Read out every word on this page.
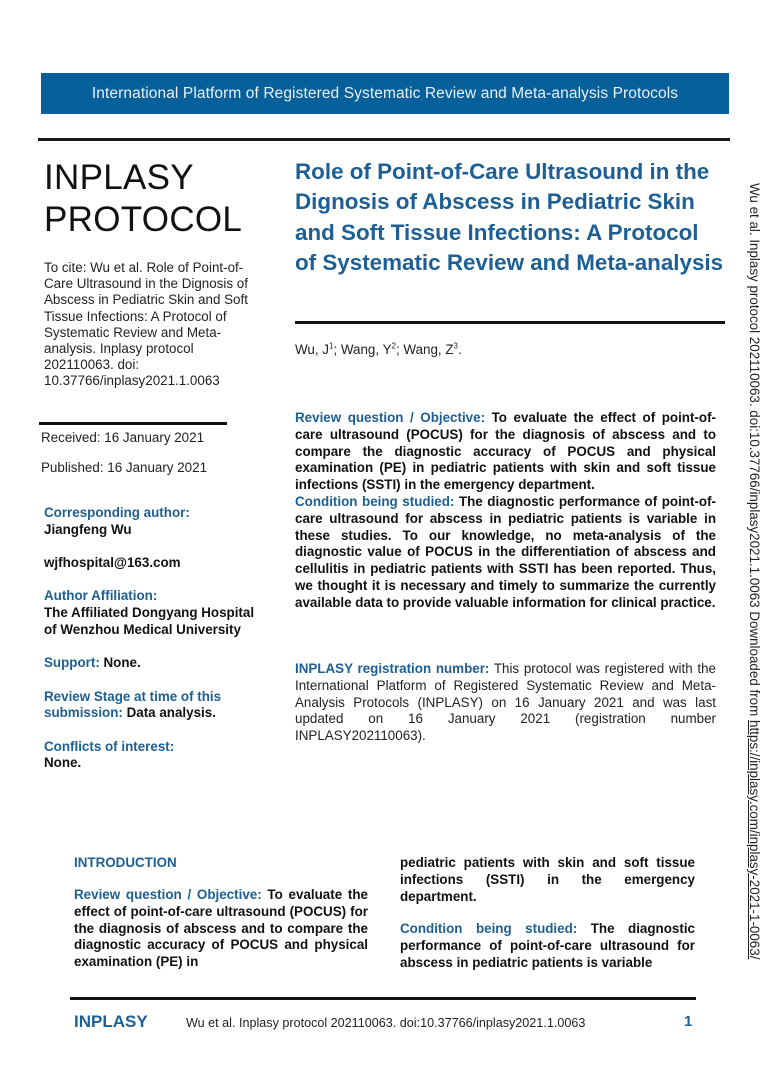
International Platform of Registered Systematic Review and Meta-analysis Protocols
INPLASY
PROTOCOL
To cite: Wu et al. Role of Point-of-Care Ultrasound in the Dignosis of Abscess in Pediatric Skin and Soft Tissue Infections: A Protocol of Systematic Review and Meta-analysis. Inplasy protocol 202110063. doi: 10.37766/inplasy2021.1.0063
Received: 16 January 2021
Published: 16 January 2021
Corresponding author:
Jiangfeng Wu
wjfhospital@163.com
Author Affiliation:
The Affiliated Dongyang Hospital of Wenzhou Medical University
Support: None.
Review Stage at time of this submission: Data analysis.
Conflicts of interest:
None.
Role of Point-of-Care Ultrasound in the Dignosis of Abscess in Pediatric Skin and Soft Tissue Infections: A Protocol of Systematic Review and Meta-analysis
Wu, $J^1$; Wang, $Y^2$; Wang, $Z^3$.
Review question / Objective: To evaluate the effect of point-of-care ultrasound (POCUS) for the diagnosis of abscess and to compare the diagnostic accuracy of POCUS and physical examination (PE) in pediatric patients with skin and soft tissue infections (SSTI) in the emergency department.
Condition being studied: The diagnostic performance of point-of-care ultrasound for abscess in pediatric patients is variable in these studies. To our knowledge, no meta-analysis of the diagnostic value of POCUS in the differentiation of abscess and cellulitis in pediatric patients with SSTI has been reported. Thus, we thought it is necessary and timely to summarize the currently available data to provide valuable information for clinical practice.
INPLASY registration number: This protocol was registered with the International Platform of Registered Systematic Review and Meta-Analysis Protocols (INPLASY) on 16 January 2021 and was last updated on 16 January 2021 (registration number INPLASY202110063).
INTRODUCTION
Review question / Objective: To evaluate the effect of point-of-care ultrasound (POCUS) for the diagnosis of abscess and to compare the diagnostic accuracy of POCUS and physical examination (PE) in
pediatric patients with skin and soft tissue infections (SSTI) in the emergency department.
Condition being studied: The diagnostic performance of point-of-care ultrasound for abscess in pediatric patients is variable
INPLASY	Wu et al. Inplasy protocol 202110063. doi:10.37766/inplasy2021.1.0063	1
Wu et al. Inplasy protocol 202110063. doi:10.37766/inplasy2021.1.0063 Downloaded from https://inplasy.com/inplasy-2021-1-0063/
